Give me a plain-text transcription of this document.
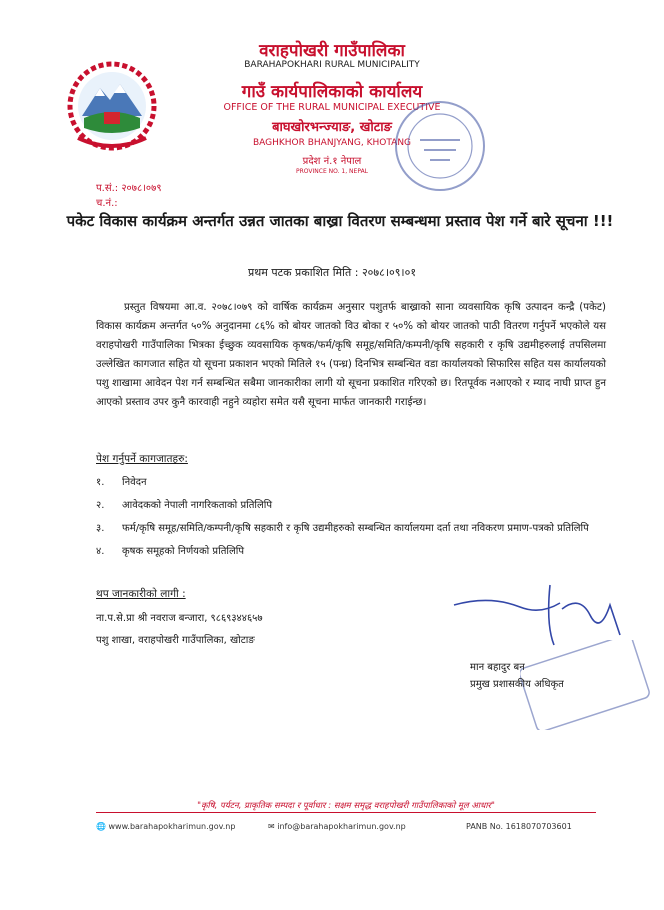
वराहपोखरी गाउँपालिका
BARAHAPOKHARI RURAL MUNICIPALITY
गाउँ कार्यपालिकाको कार्यालय
OFFICE OF THE RURAL MUNICIPAL EXECUTIVE
बाघखोरभन्ज्याङ, खोटाङ
BAGHKHOR BHANJYANG, KHOTANG
प्रदेश नं.१ नेपाल
PROVINCE NO. 1, NEPAL
प.सं.: २०७८।०७९
च.नं.:
पकेट विकास कार्यक्रम अन्तर्गत उन्नत जातका बाख्रा वितरण सम्बन्धमा प्रस्ताव पेश गर्ने बारे सूचना !!!
प्रथम पटक प्रकाशित मिति : २०७८।०९।०१
प्रस्तुत विषयमा आ.व. २०७८।०७९ को वार्षिक कार्यक्रम अनुसार पशुतर्फ बाख्राको साना व्यवसायिक कृषि उत्पादन कन्द्रै (पकेट) विकास कार्यक्रम अन्तर्गत ५०% अनुदानमा ८६% को बोयर जातको विउ बोका र ५०% को बोयर जातको पाठी वितरण गर्नुपर्ने भएकोले यस वराहपोखरी गाउँपालिका भित्रका ईच्छुक व्यवसायिक कृषक/फर्म/कृषि समूह/समिति/कम्पनी/कृषि सहकारी र कृषि उद्यमीहरुलाई तपसिलमा उल्लेखित कागजात सहित यो सूचना प्रकाशन भएको मितिले १५ (पन्ध्र) दिनभित्र सम्बन्धित वडा कार्यालयको सिफारिस सहित यस कार्यालयको पशु शाखामा आवेदन पेश गर्न सम्बन्धित सबैमा जानकारीका लागी यो सूचना प्रकाशित गरिएको छ। रितपूर्वक नआएको र म्याद नाघी प्राप्त हुन आएको प्रस्ताव उपर कुनै कारवाही नहुने व्यहोरा समेत यसै सूचना मार्फत जानकारी गराईन्छ।
पेश गर्नुपर्ने कागजातहरु:
१.	निवेदन
२.	आवेदकको नेपाली नागरिकताको प्रतिलिपि
३.	फर्म/कृषि समूह/समिति/कम्पनी/कृषि सहकारी र कृषि उद्यमीहरुको सम्बन्धित कार्यालयमा दर्ता तथा नविकरण प्रमाण-पत्रको प्रतिलिपि
४.	कृषक समूहको निर्णयको प्रतिलिपि
थप जानकारीको लागी :
ना.प.से.प्रा श्री नवराज बन्जारा, ९८६९३४४६५७
पशु शाखा, वराहपोखरी गाउँपालिका, खोटाङ
मान बहादुर बन
प्रमुख प्रशासकीय अधिकृत
"कृषि, पर्यटन, प्राकृतिक सम्पदा र पूर्वाधार : सक्षम समृद्ध वराहपोखरी गाउँपालिकाको मूल आधार"
🌐 www.barahapokharimun.gov.np	✉ info@barahapokharimun.gov.np	PANB No. 1618070703601
